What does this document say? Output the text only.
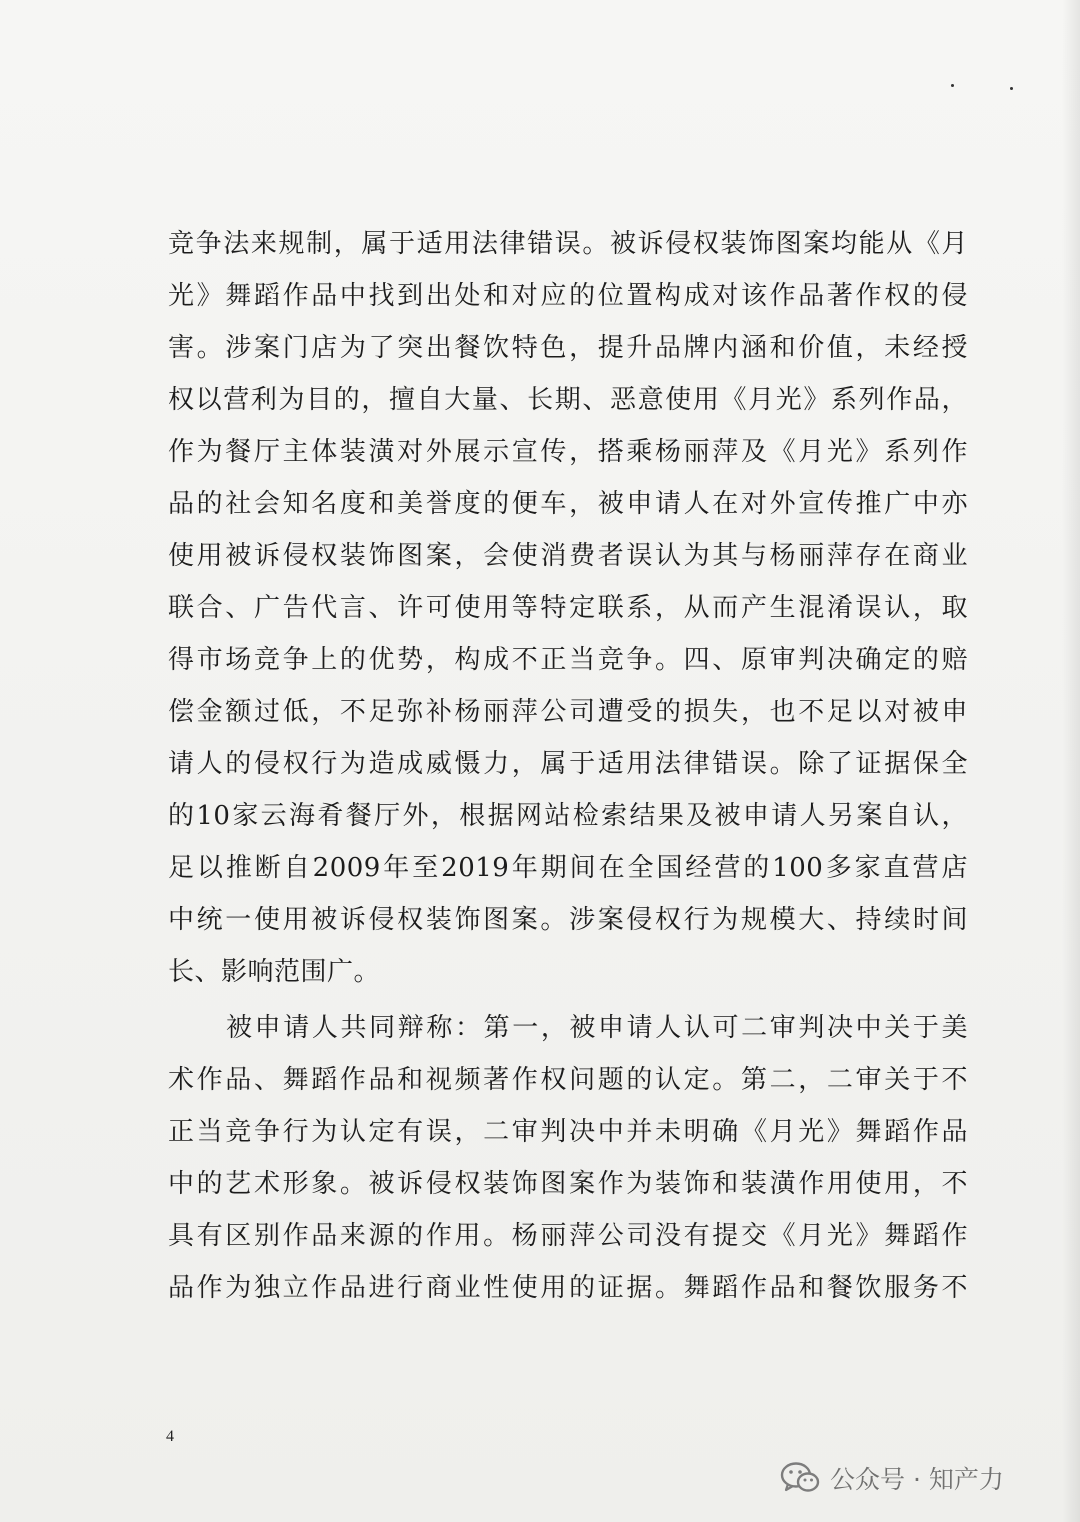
竞争法来规制，属于适用法律错误。被诉侵权装饰图案均能从《月
光》舞蹈作品中找到出处和对应的位置构成对该作品著作权的侵
害。涉案门店为了突出餐饮特色，提升品牌内涵和价值，未经授
权以营利为目的，擅自大量、长期、恶意使用《月光》系列作品，
作为餐厅主体装潢对外展示宣传，搭乘杨丽萍及《月光》系列作
品的社会知名度和美誉度的便车，被申请人在对外宣传推广中亦
使用被诉侵权装饰图案，会使消费者误认为其与杨丽萍存在商业
联合、广告代言、许可使用等特定联系，从而产生混淆误认，取
得市场竞争上的优势，构成不正当竞争。四、原审判决确定的赔
偿金额过低，不足弥补杨丽萍公司遭受的损失，也不足以对被申
请人的侵权行为造成威慑力，属于适用法律错误。除了证据保全
的10家云海肴餐厅外，根据网站检索结果及被申请人另案自认，
足以推断自2009年至2019年期间在全国经营的100多家直营店
中统一使用被诉侵权装饰图案。涉案侵权行为规模大、持续时间
长、影响范围广。
被申请人共同辩称：第一，被申请人认可二审判决中关于美
术作品、舞蹈作品和视频著作权问题的认定。第二，二审关于不
正当竞争行为认定有误，二审判决中并未明确《月光》舞蹈作品
中的艺术形象。被诉侵权装饰图案作为装饰和装潢作用使用，不
具有区别作品来源的作用。杨丽萍公司没有提交《月光》舞蹈作
品作为独立作品进行商业性使用的证据。舞蹈作品和餐饮服务不
4
公众号 · 知产力
